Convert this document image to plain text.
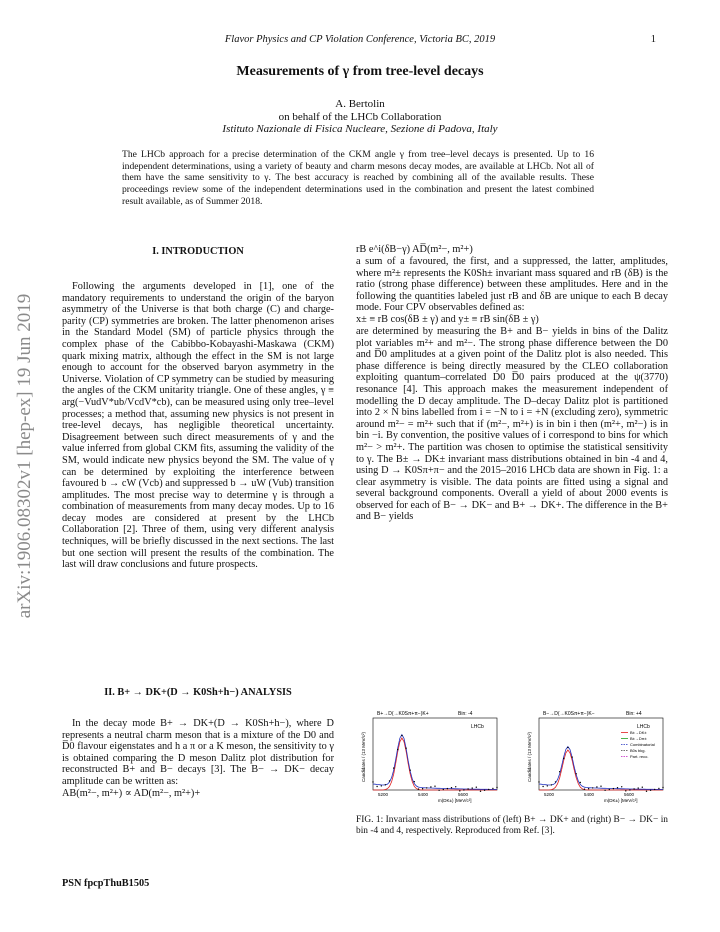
Flavor Physics and CP Violation Conference, Victoria BC, 2019	1
Measurements of γ from tree-level decays
A. Bertolin
on behalf of the LHCb Collaboration
Istituto Nazionale di Fisica Nucleare, Sezione di Padova, Italy
The LHCb approach for a precise determination of the CKM angle γ from tree–level decays is presented. Up to 16 independent determinations, using a variety of beauty and charm mesons decay modes, are available at LHCb. Not all of them have the same sensitivity to γ. The best accuracy is reached by combining all of the available results. These proceedings review some of the independent determinations used in the combination and present the latest combined result available, as of Summer 2018.
arXiv:1906.08302v1 [hep-ex] 19 Jun 2019
I. INTRODUCTION

Following the arguments developed in [1], one of the mandatory requirements to understand the origin of the baryon asymmetry of the Universe is that both charge (C) and charge-parity (CP) symmetries are broken. The latter phenomenon arises in the Standard Model (SM) of particle physics through the complex phase of the Cabibbo-Kobayashi-Maskawa (CKM) quark mixing matrix, although the effect in the SM is not large enough to account for the observed baryon asymmetry in the Universe. Violation of CP symmetry can be studied by measuring the angles of the CKM unitarity triangle. One of these angles, γ ≡ arg(−VudV*ub/VcdV*cb), can be measured using only tree–level processes; a method that, assuming new physics is not present in tree-level decays, has negligible theoretical uncertainty. Disagreement between such direct measurements of γ and the value inferred from global CKM fits, assuming the validity of the SM, would indicate new physics beyond the SM. The value of γ can be determined by exploiting the interference between favoured b → cW (Vcb) and suppressed b → uW (Vub) transition amplitudes. The most precise way to determine γ is through a combination of measurements from many decay modes. Up to 16 decay modes are considered at present by the LHCb Collaboration [2]. Three of them, using very different analysis techniques, will be briefly discussed in the next sections. The last but one section will present the results of the combination. The last will draw conclusions and future prospects.

II. B+ → DK+(D → K0Sh+h−) ANALYSIS

In the decay mode B+ → DK+(D → K0Sh+h−), where D represents a neutral charm meson that is a mixture of the D0 and D̅0 flavour eigenstates and h a π or a K meson, the sensitivity to γ is obtained comparing the D meson Dalitz plot distribution for reconstructed B+ and B− decays [3]. The B− → DK− decay amplitude can be written as:

AB(m²−, m²+) ∝ AD(m²−, m²+)+
PSN fpcpThuB1505
rB e^i(δB−γ) AD̅(m²−, m²+)
a sum of a favoured, the first, and a suppressed, the latter, amplitudes, where m²± represents the K0Sh± invariant mass squared and rB (δB) is the ratio (strong phase difference) between these amplitudes. Here and in the following the quantities labeled just rB and δB are unique to each B decay mode. Four CPV observables defined as:
x± ≡ rB cos(δB ± γ) and y± ≡ rB sin(δB ± γ)
are determined by measuring the B+ and B− yields in bins of the Dalitz plot variables m²+ and m²−. The strong phase difference between the D0 and D̅0 amplitudes at a given point of the Dalitz plot is also needed. This phase difference is being directly measured by the CLEO collaboration exploiting quantum–correlated D0 D̅0 pairs produced at the ψ(3770) resonance [4]. This approach makes the measurement independent of modelling the D decay amplitude. The D–decay Dalitz plot is partitioned into 2 × N bins labelled from i = −N to i = +N (excluding zero), symmetric around m²− = m²+ such that if (m²−, m²+) is in bin i then (m²+, m²−) is in bin −i. By convention, the positive values of i correspond to bins for which m²− > m²+. The partition was chosen to optimise the statistical sensitivity to γ. The B± → DK± invariant mass distributions obtained in bin -4 and 4, using D → K0Sπ+π− and the 2015–2016 LHCb data are shown in Fig. 1: a clear asymmetry is visible. The data points are fitted using a signal and several background components. Overall a yield of about 2000 events is observed for each of B− → DK− and B+ → DK+. The difference in the B+ and B− yields
B+→D(→K0Sπ+π−)K+	Bin: -4
LHCb
Candidates / (13 MeV/c²)
m(DK±) [MeV/c²]
5200	5400	5600
B−→D(→K0Sπ+π−)K−	Bin: +4
LHCb
Candidates / (13 MeV/c²)
m(DK±) [MeV/c²]
5200	5400	5600
B±→DK±
B±→Dπ±
Combinatorial
B0s bkg.
Part. reco.
FIG. 1: Invariant mass distributions of (left) B+ → DK+ and (right) B− → DK− in bin -4 and 4, respectively. Reproduced from Ref. [3].
